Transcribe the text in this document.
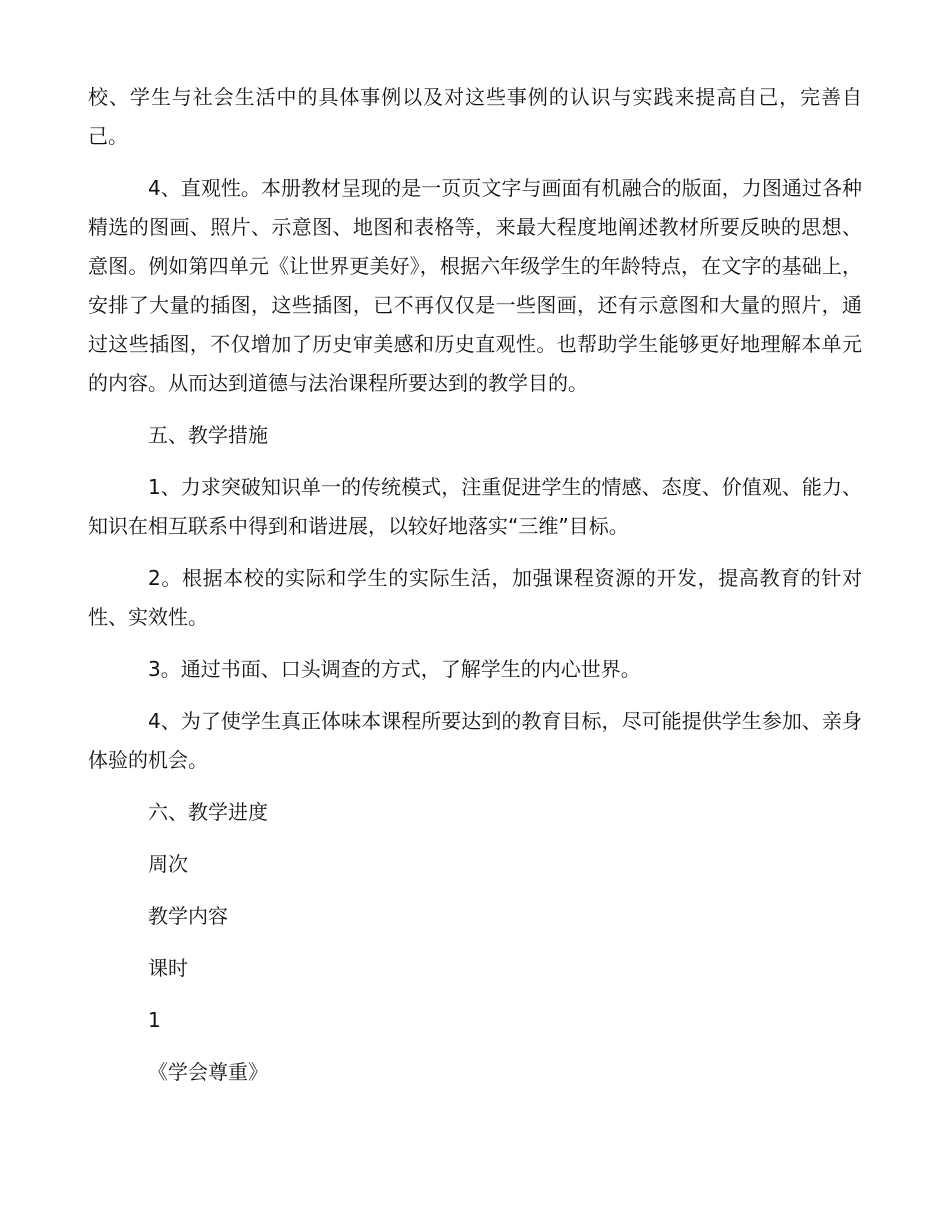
校、学生与社会生活中的具体事例以及对这些事例的认识与实践来提高自己，完善自己。

4、直观性。本册教材呈现的是一页页文字与画面有机融合的版面，力图通过各种精选的图画、照片、示意图、地图和表格等，来最大程度地阐述教材所要反映的思想、意图。例如第四单元《让世界更美好》，根据六年级学生的年龄特点，在文字的基础上，安排了大量的插图，这些插图，已不再仅仅是一些图画，还有示意图和大量的照片，通过这些插图，不仅增加了历史审美感和历史直观性。也帮助学生能够更好地理解本单元的内容。从而达到道德与法治课程所要达到的教学目的。

五、教学措施

1、力求突破知识单一的传统模式，注重促进学生的情感、态度、价值观、能力、知识在相互联系中得到和谐进展，以较好地落实“三维”目标。

2。根据本校的实际和学生的实际生活，加强课程资源的开发，提高教育的针对性、实效性。

3。通过书面、口头调查的方式，了解学生的内心世界。

4、为了使学生真正体味本课程所要达到的教育目标，尽可能提供学生参加、亲身体验的机会。

六、教学进度

周次

教学内容

课时

1

《学会尊重》
